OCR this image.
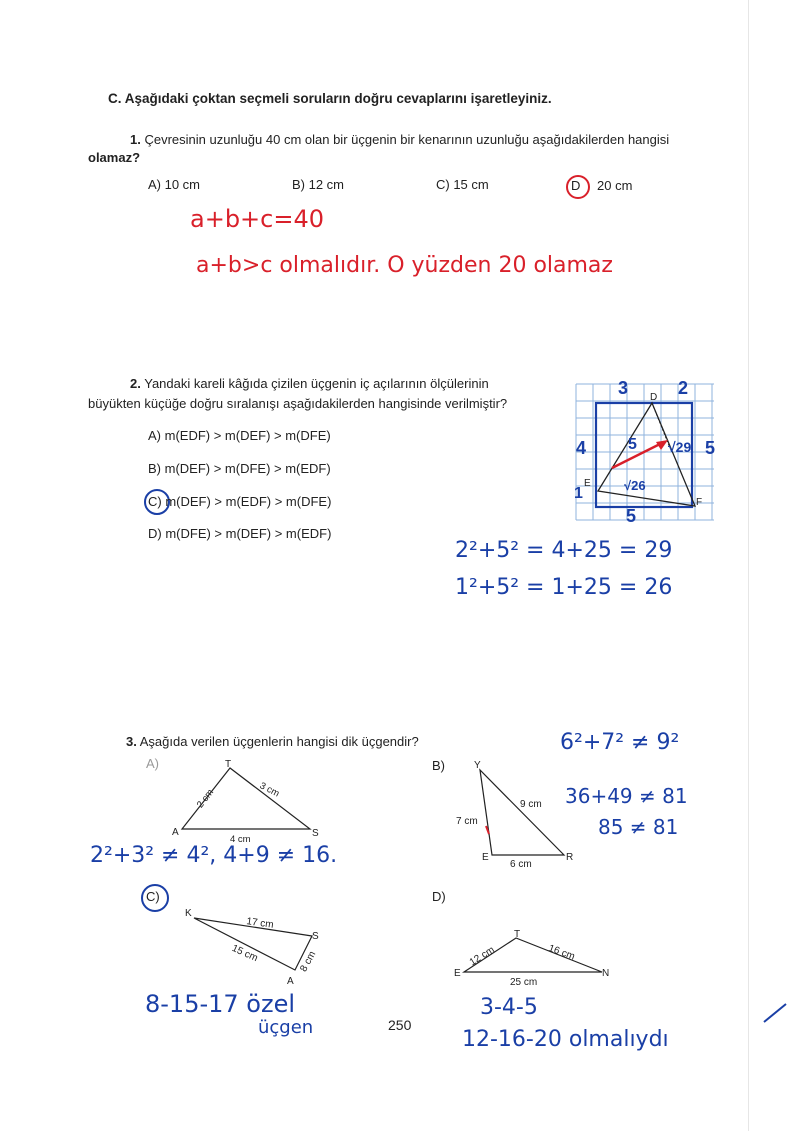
C. Aşağıdaki çoktan seçmeli soruların doğru cevaplarını işaretleyiniz.
1. Çevresinin uzunluğu 40 cm olan bir üçgenin bir kenarının uzunluğu aşağıdakilerden hangisi
olamaz?
A) 10 cm	B) 12 cm	C) 15 cm	D 20 cm
a+b+c=40
a+b>c olmalıdır. O yüzden 20 olamaz
2. Yandaki kareli kâğıda çizilen üçgenin iç açılarının ölçülerinin
büyükten küçüğe doğru sıralanışı aşağıdakilerden hangisinde verilmiştir?
A) m(EDF) > m(DEF) > m(DFE)
B) m(DEF) > m(DFE) > m(EDF)
C) m(DEF) > m(EDF) > m(DFE)
D) m(DFE) > m(DEF) > m(EDF)
D
E
F
3	2
4
1
5
5
5 √29
√26
2²+5² = 4+25 = 29
1²+5² = 1+25 = 26
3. Aşağıda verilen üçgenlerin hangisi dik üçgendir?	6²+7² ≠ 9²
36+49 ≠ 81
85 ≠ 81
A)	T
A	S
2 cm	3 cm
4 cm
2²+3² ≠ 4², 4+9 ≠ 16.
B)	Y
E	R
7 cm
9 cm
6 cm
C)
K
S
A
17 cm
15 cm	8 cm
8-15-17 özel
üçgen
D)
T
E	N
12 cm	16 cm
25 cm
3-4-5
12-16-20 olmalıydı
250
